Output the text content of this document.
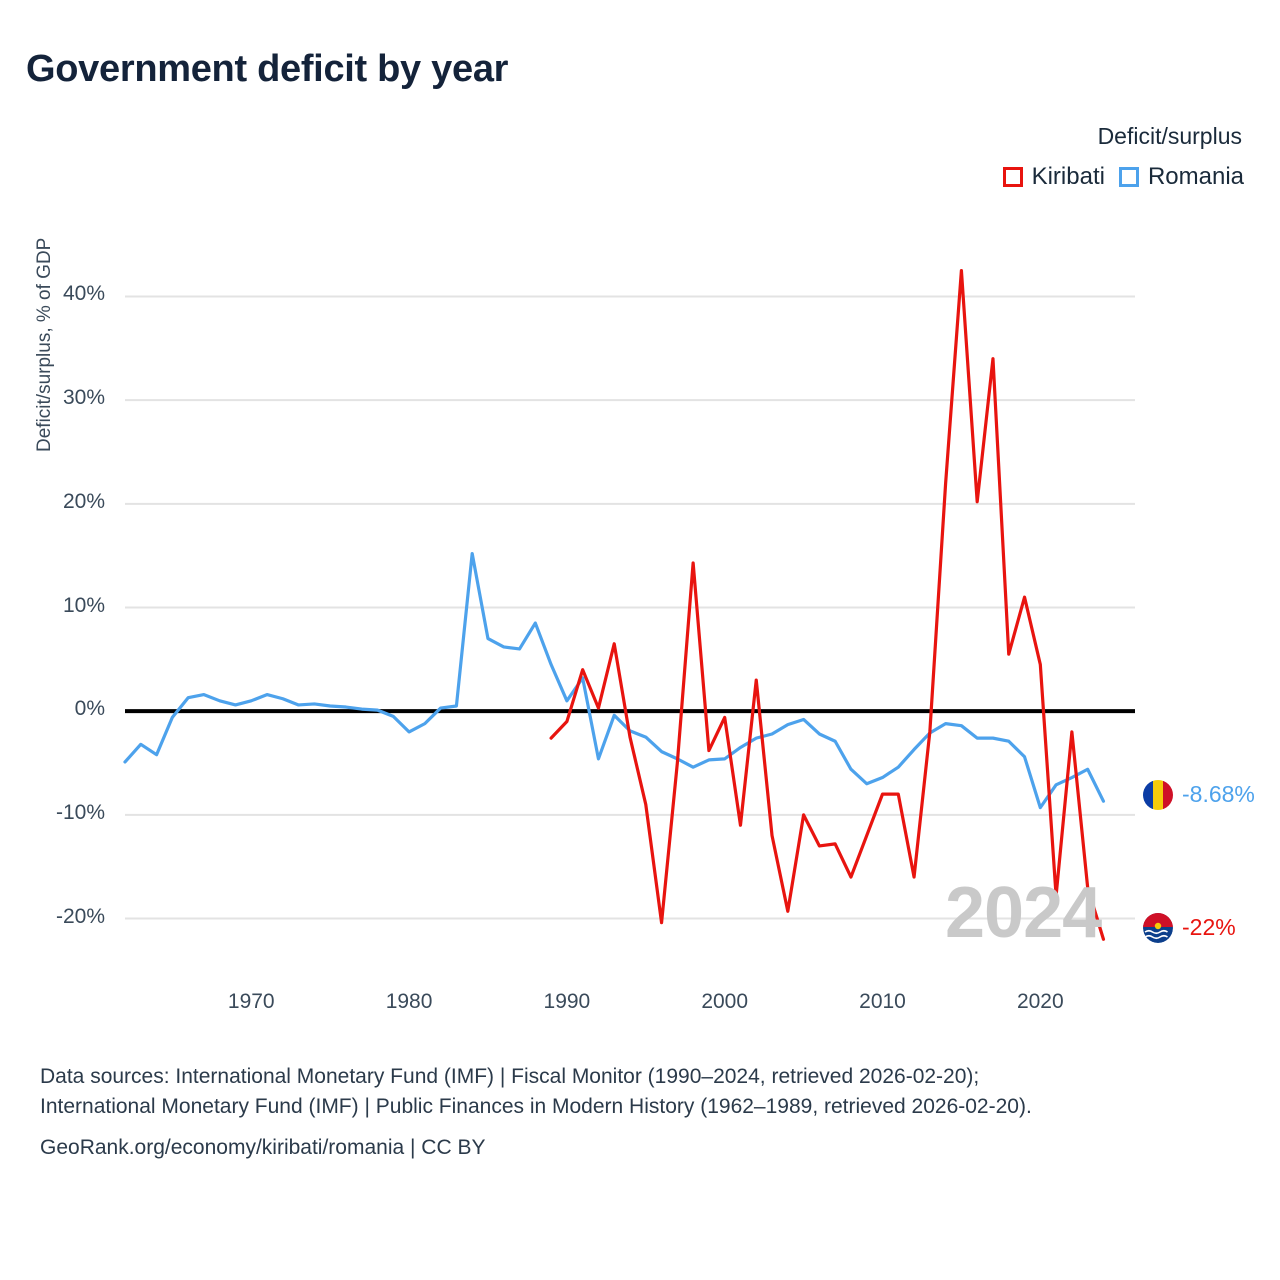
Government deficit by year
Deficit/surplus
Kiribati Romania
Deficit/surplus, % of GDP
-20%
-10%
0%
10%
20%
30%
40%
1970	1980	1990	2000	2010	2020
2024
-8.68%
-22%
Data sources: International Monetary Fund (IMF) | Fiscal Monitor (1990–2024, retrieved 2026-02-20);
International Monetary Fund (IMF) | Public Finances in Modern History (1962–1989, retrieved 2026-02-20).
GeoRank.org/economy/kiribati/romania | CC BY
